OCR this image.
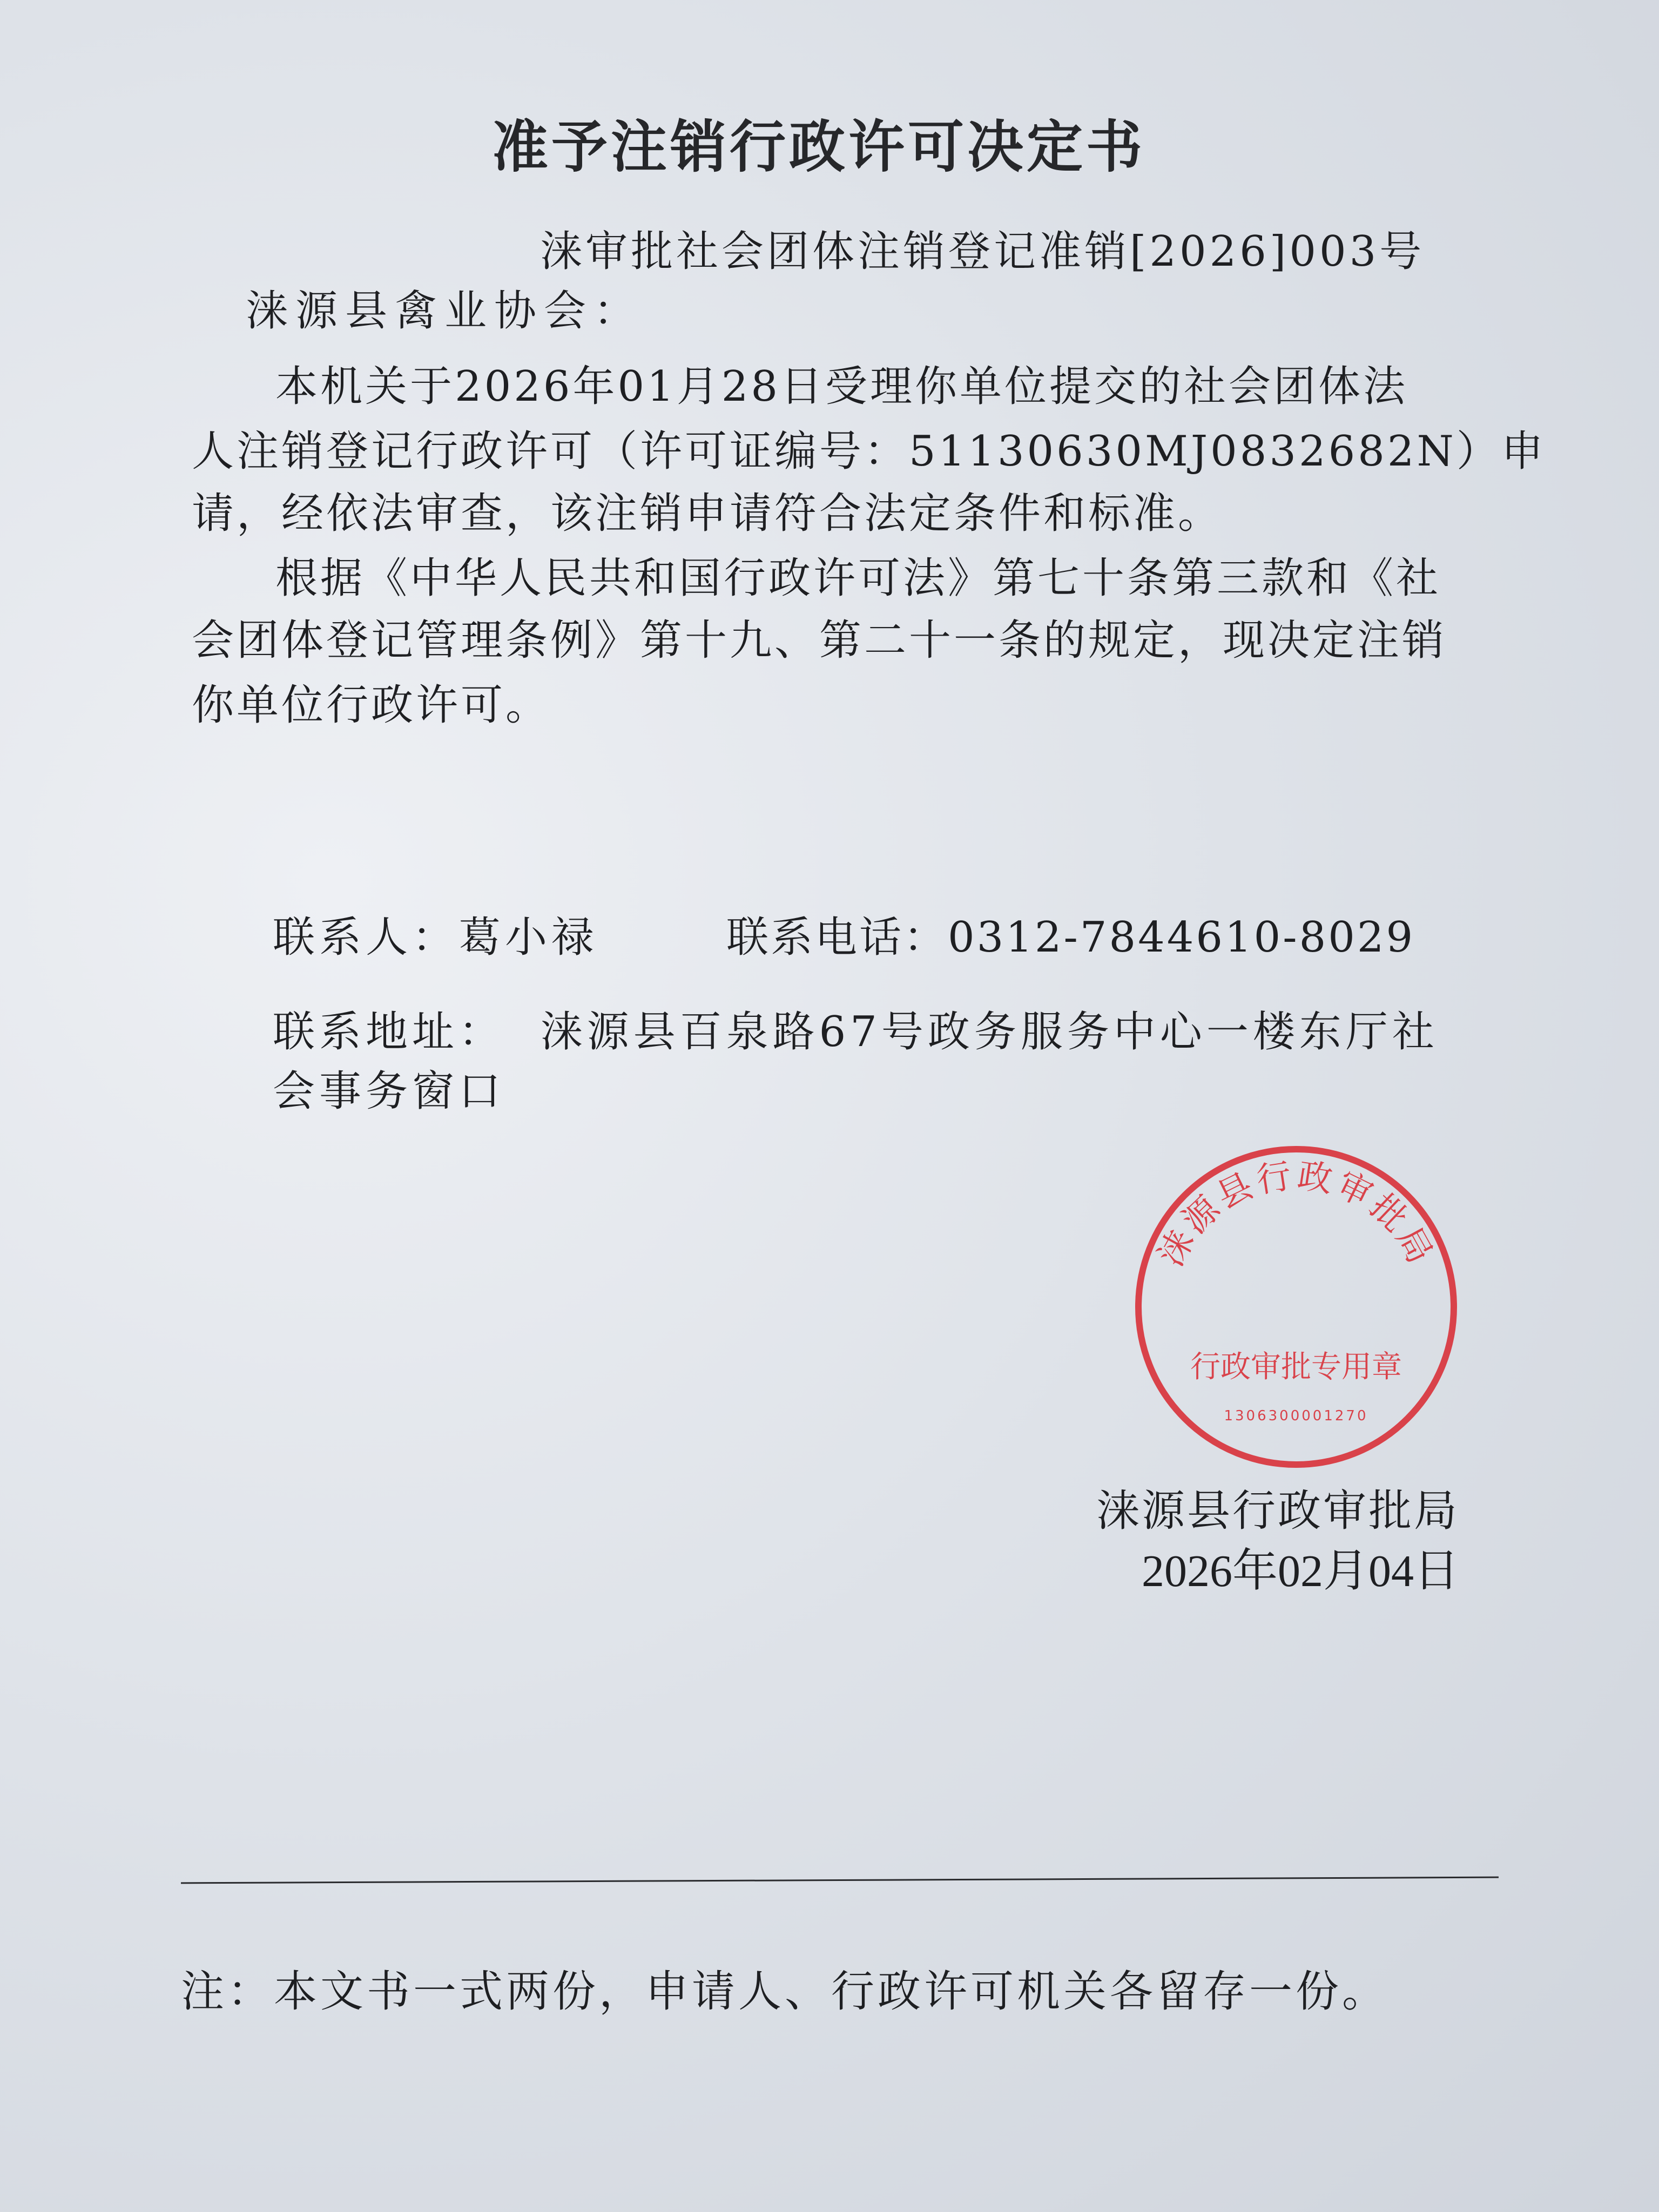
准予注销行政许可决定书
涞审批社会团体注销登记准销[2026]003号
涞源县禽业协会：
本机关于2026年01月28日受理你单位提交的社会团体法
人注销登记行政许可（许可证编号：51130630MJ0832682N）申
请，经依法审查，该注销申请符合法定条件和标准。
根据《中华人民共和国行政许可法》第七十条第三款和《社
会团体登记管理条例》第十九、第二十一条的规定，现决定注销
你单位行政许可。
联系人：葛小禄	联系电话：0312-7844610-8029
联系地址：  涞源县百泉路67号政务服务中心一楼东厅社
会事务窗口
涞源县行政审批局
行政审批专用章
1306300001270
涞源县行政审批局
2026年02月04日
注：本文书一式两份，申请人、行政许可机关各留存一份。
